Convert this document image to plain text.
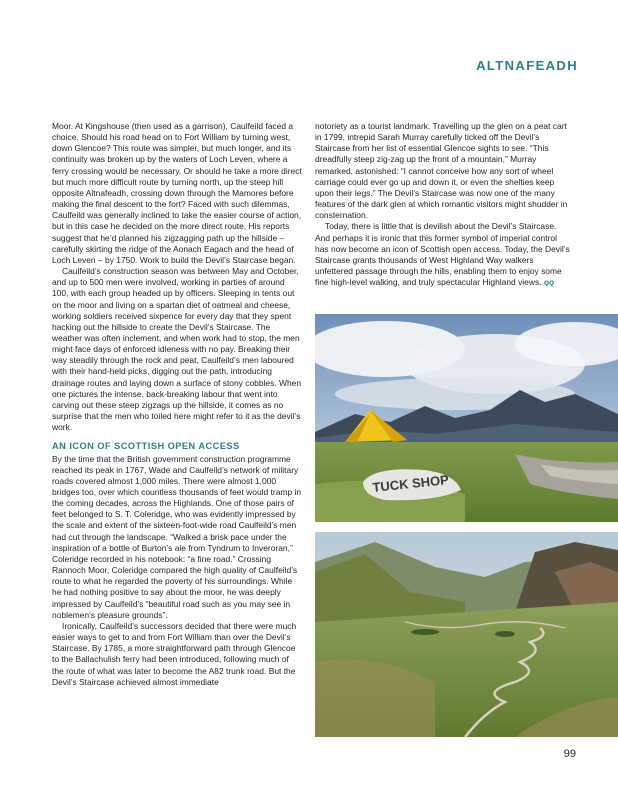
ALTNAFEADH

Moor. At Kingshouse (then used as a garrison), Caulfeild faced a choice. Should his road head on to Fort William by turning west, down Glencoe? This route was simpler, but much longer, and its continuity was broken up by the waters of Loch Leven, where a ferry crossing would be necessary. Or should he take a more direct but much more difficult route by turning north, up the steep hill opposite Altnafeadh, crossing down through the Mamores before making the final descent to the fort? Faced with such dilemmas, Caulfeild was generally inclined to take the easier course of action, but in this case he decided on the more direct route. His reports suggest that he’d planned his zigzagging path up the hillside – carefully skirting the ridge of the Aonach Eagach and the head of Loch Leven – by 1750. Work to build the Devil’s Staircase began.

Caulfeild’s construction season was between May and October, and up to 500 men were involved, working in parties of around 100, with each group headed up by officers. Sleeping in tents out on the moor and living on a spartan diet of oatmeal and cheese, working soldiers received sixpence for every day that they spent hacking out the hillside to create the Devil’s Staircase. The weather was often inclement, and when work had to stop, the men might face days of enforced idleness with no pay. Breaking their way steadily through the rock and peat, Caulfeild’s men laboured with their hand-held picks, digging out the path, introducing drainage routes and laying down a surface of stony cobbles. When one pictures the intense, back-breaking labour that went into carving out these steep zigzags up the hillside, it comes as no surprise that the men who toiled here might refer to it as the devil’s work.

AN ICON OF SCOTTISH OPEN ACCESS

By the time that the British government construction programme reached its peak in 1767, Wade and Caulfeild’s network of military roads covered almost 1,000 miles. There were almost 1,000 bridges too, over which countless thousands of feet would tramp in the coming decades, across the Highlands. One of those pairs of feet belonged to S. T. Coleridge, who was evidently impressed by the scale and extent of the sixteen-foot-wide road Caulfeild’s men had cut through the landscape. “Walked a brisk pace under the inspiration of a bottle of Burton’s ale from Tyndrum to Inveroran,” Coleridge recorded in his notebook: “a fine road.” Crossing Rannoch Moor, Coleridge compared the high quality of Caulfeild’s route to what he regarded the poverty of his surroundings. While he had nothing positive to say about the moor, he was deeply impressed by Caulfeild’s “beautiful road such as you may see in noblemen’s pleasure grounds”.

Ironically, Caulfeild’s successors decided that there were much easier ways to get to and from Fort William than over the Devil’s Staircase. By 1785, a more straightforward path through Glencoe to the Ballachulish ferry had been introduced, following much of the route of what was later to become the A82 trunk road. But the Devil’s Staircase achieved almost immediate

notoriety as a tourist landmark. Travelling up the glen on a peat cart in 1799, intrepid Sarah Murray carefully ticked off the Devil’s Staircase from her list of essential Glencoe sights to see. “This dreadfully steep zig-zag up the front of a mountain,” Murray remarked, astonished: “I cannot conceive how any sort of wheel carriage could ever go up and down it, or even the shelties keep upon their legs.” The Devil’s Staircase was now one of the many features of the dark glen at which romantic visitors might shudder in consternation.

Today, there is little that is devilish about the Devil’s Staircase. And perhaps it is ironic that this former symbol of imperial control has now become an icon of Scottish open access. Today, the Devil’s Staircase grants thousands of West Highland Way walkers unfettered passage through the hills, enabling them to enjoy some fine high-level walking, and truly spectacular Highland views. ǫǫ

TUCK SHOP
99
PassionForum.ru
